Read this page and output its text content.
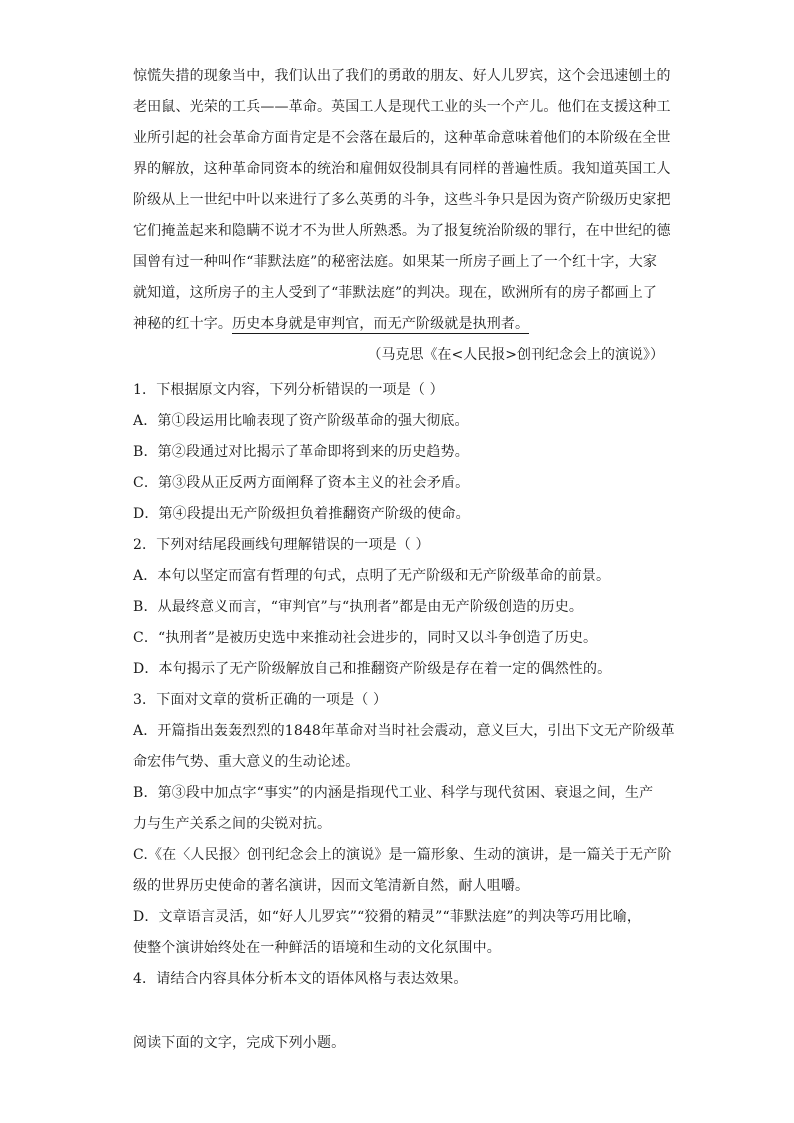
惊慌失措的现象当中，我们认出了我们的勇敢的朋友、好人儿罗宾，这个会迅速刨土的
老田鼠、光荣的工兵——革命。英国工人是现代工业的头一个产儿。他们在支援这种工
业所引起的社会革命方面肯定是不会落在最后的，这种革命意味着他们的本阶级在全世
界的解放，这种革命同资本的统治和雇佣奴役制具有同样的普遍性质。我知道英国工人
阶级从上一世纪中叶以来进行了多么英勇的斗争，这些斗争只是因为资产阶级历史家把
它们掩盖起来和隐瞒不说才不为世人所熟悉。为了报复统治阶级的罪行，在中世纪的德
国曾有过一种叫作“菲默法庭”的秘密法庭。如果某一所房子画上了一个红十字，大家
就知道，这所房子的主人受到了“菲默法庭”的判决。现在，欧洲所有的房子都画上了
神秘的红十字。历史本身就是审判官，而无产阶级就是执刑者。
（马克思《在<人民报>创刊纪念会上的演说》）
1．下根据原文内容，下列分析错误的一项是（ ）
A．第①段运用比喻表现了资产阶级革命的强大彻底。
B．第②段通过对比揭示了革命即将到来的历史趋势。
C．第③段从正反两方面阐释了资本主义的社会矛盾。
D．第④段提出无产阶级担负着推翻资产阶级的使命。
2．下列对结尾段画线句理解错误的一项是（ ）
A．本句以坚定而富有哲理的句式，点明了无产阶级和无产阶级革命的前景。
B．从最终意义而言，“审判官”与“执刑者”都是由无产阶级创造的历史。
C．“执刑者”是被历史选中来推动社会进步的，同时又以斗争创造了历史。
D．本句揭示了无产阶级解放自己和推翻资产阶级是存在着一定的偶然性的。
3．下面对文章的赏析正确的一项是（ ）
A．开篇指出轰轰烈烈的1848年革命对当时社会震动，意义巨大，引出下文无产阶级革
命宏伟气势、重大意义的生动论述。
B．第③段中加点字“事实”的内涵是指现代工业、科学与现代贫困、衰退之间，生产
力与生产关系之间的尖锐对抗。
C.《在〈人民报〉创刊纪念会上的演说》是一篇形象、生动的演讲，是一篇关于无产阶
级的世界历史使命的著名演讲，因而文笔清新自然，耐人咀嚼。
D．文章语言灵活，如“好人儿罗宾”“狡猾的精灵”“菲默法庭”的判决等巧用比喻，
使整个演讲始终处在一种鲜活的语境和生动的文化氛围中。
4．请结合内容具体分析本文的语体风格与表达效果。
阅读下面的文字，完成下列小题。
